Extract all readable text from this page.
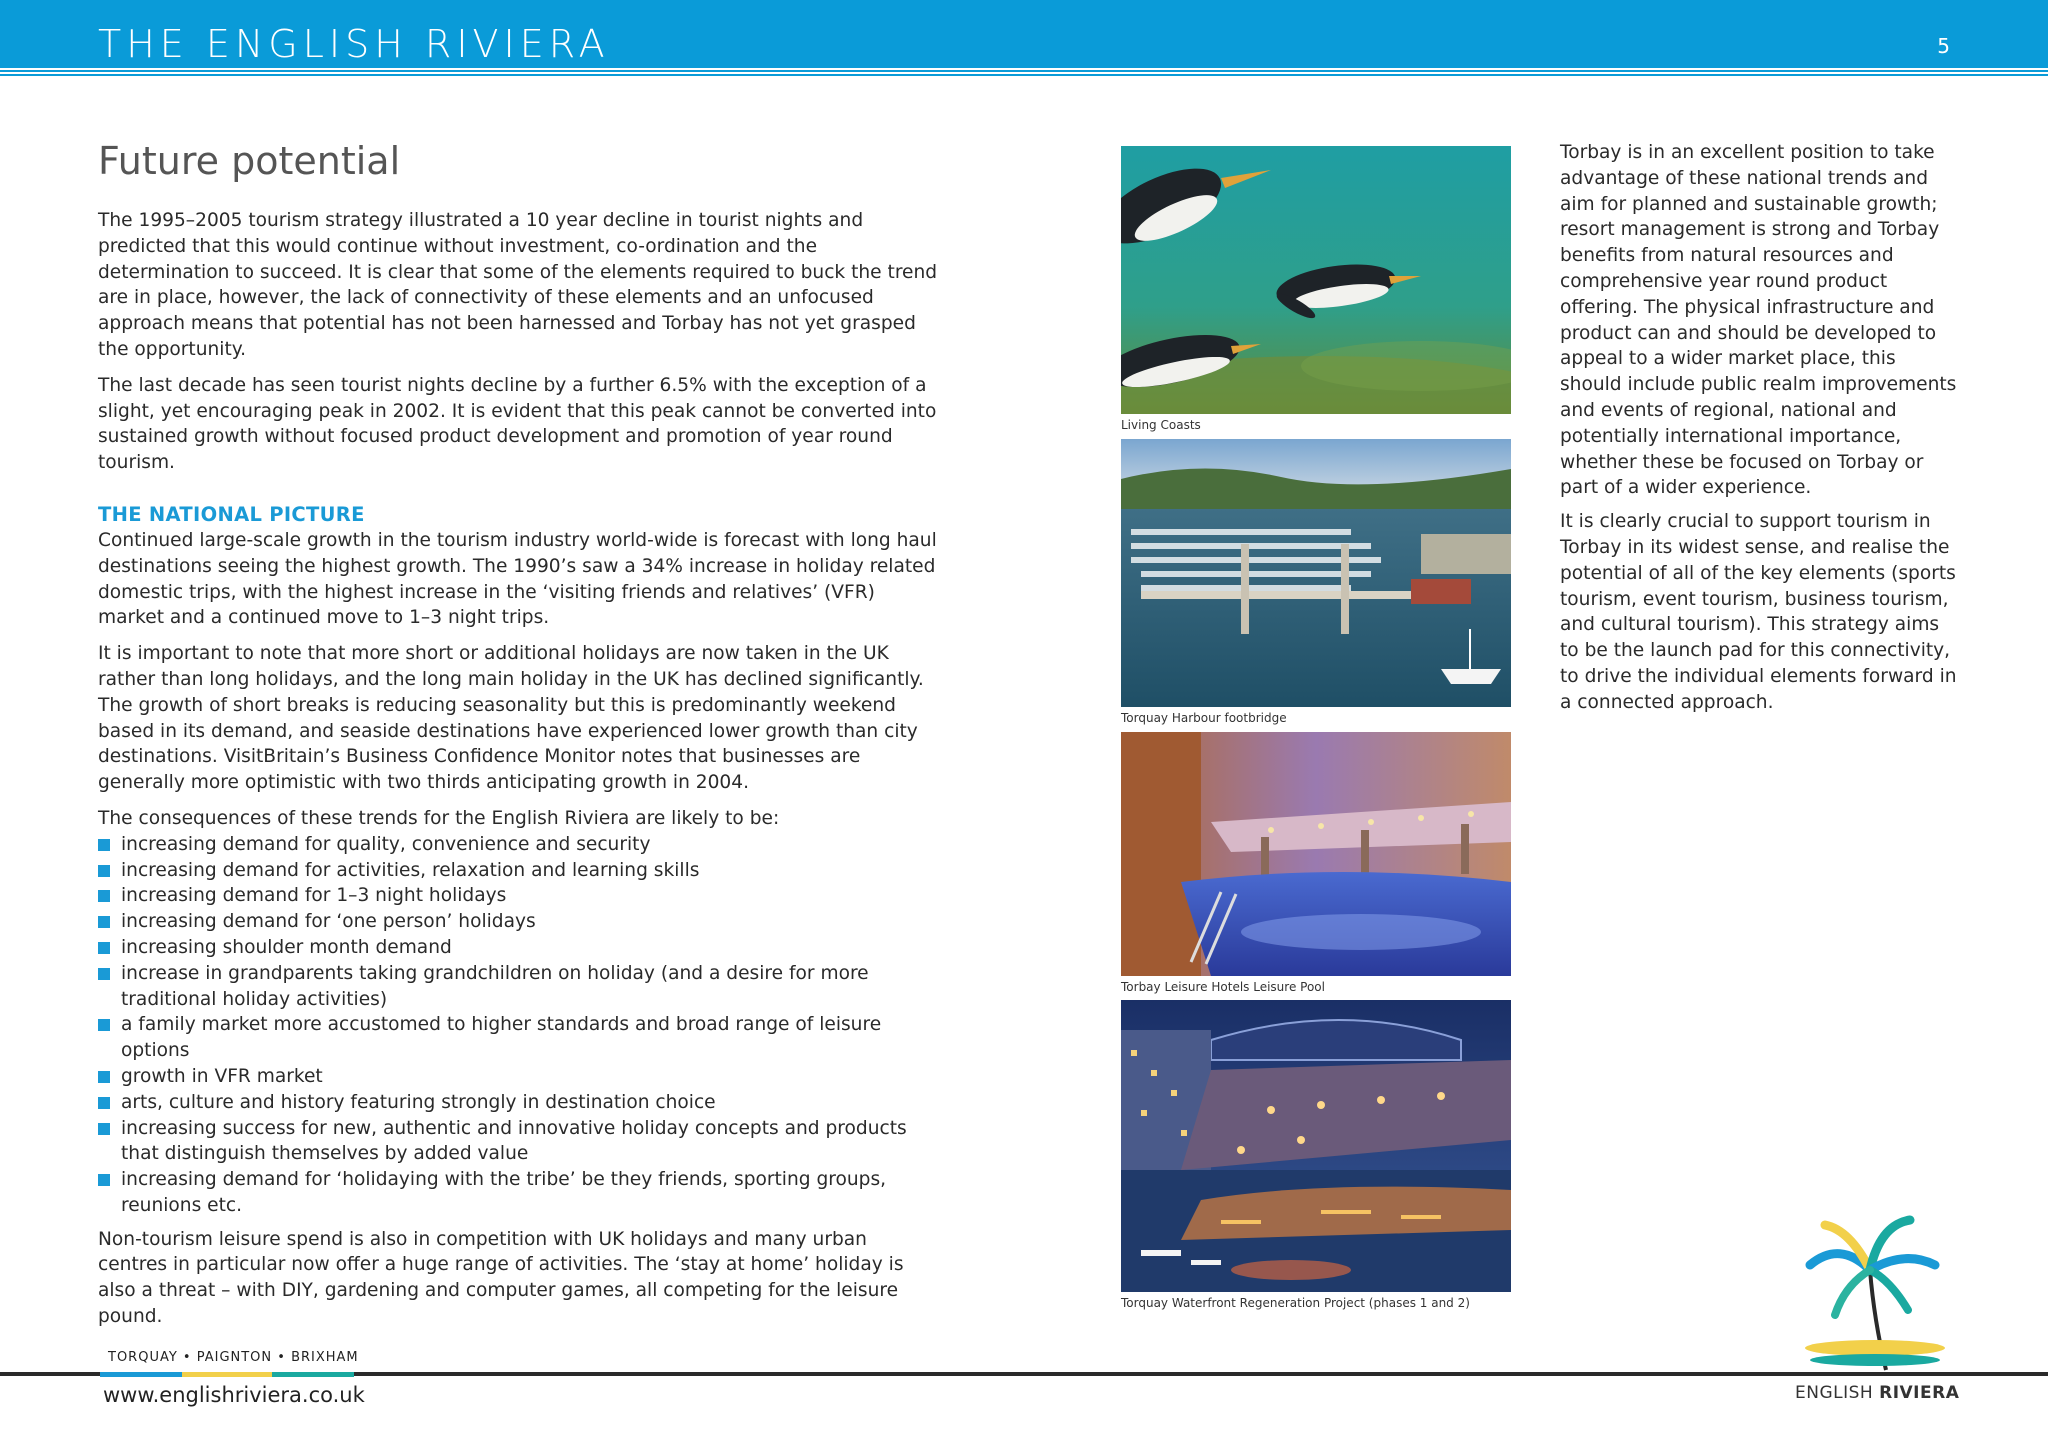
THE ENGLISH RIVIERA	5
Future potential

The 1995–2005 tourism strategy illustrated a 10 year decline in tourist nights and predicted that this would continue without investment, co-ordination and the determination to succeed. It is clear that some of the elements required to buck the trend are in place, however, the lack of connectivity of these elements and an unfocused approach means that potential has not been harnessed and Torbay has not yet grasped the opportunity.

The last decade has seen tourist nights decline by a further 6.5% with the exception of a slight, yet encouraging peak in 2002. It is evident that this peak cannot be converted into sustained growth without focused product development and promotion of year round tourism.

THE NATIONAL PICTURE

Continued large-scale growth in the tourism industry world-wide is forecast with long haul destinations seeing the highest growth. The 1990’s saw a 34% increase in holiday related domestic trips, with the highest increase in the ‘visiting friends and relatives’ (VFR) market and a continued move to 1–3 night trips.

It is important to note that more short or additional holidays are now taken in the UK rather than long holidays, and the long main holiday in the UK has declined significantly. The growth of short breaks is reducing seasonality but this is predominantly weekend based in its demand, and seaside destinations have experienced lower growth than city destinations. VisitBritain’s Business Confidence Monitor notes that businesses are generally more optimistic with two thirds anticipating growth in 2004.

The consequences of these trends for the English Riviera are likely to be:

increasing demand for quality, convenience and security
increasing demand for activities, relaxation and learning skills
increasing demand for 1–3 night holidays
increasing demand for ‘one person’ holidays
increasing shoulder month demand
increase in grandparents taking grandchildren on holiday (and a desire for more traditional holiday activities)
a family market more accustomed to higher standards and broad range of leisure options
growth in VFR market
arts, culture and history featuring strongly in destination choice
increasing success for new, authentic and innovative holiday concepts and products that distinguish themselves by added value
increasing demand for ‘holidaying with the tribe’ be they friends, sporting groups, reunions etc.

Non-tourism leisure spend is also in competition with UK holidays and many urban centres in particular now offer a huge range of activities. The ‘stay at home’ holiday is also a threat – with DIY, gardening and computer games, all competing for the leisure pound.

Living Coasts
Torquay Harbour footbridge
Torbay Leisure Hotels Leisure Pool
Torquay Waterfront Regeneration Project (phases 1 and 2)

Torbay is in an excellent position to take advantage of these national trends and aim for planned and sustainable growth; resort management is strong and Torbay benefits from natural resources and comprehensive year round product offering. The physical infrastructure and product can and should be developed to appeal to a wider market place, this should include public realm improvements and events of regional, national and potentially international importance, whether these be focused on Torbay or part of a wider experience.

It is clearly crucial to support tourism in Torbay in its widest sense, and realise the potential of all of the key elements (sports tourism, event tourism, business tourism, and cultural tourism). This strategy aims to be the launch pad for this connectivity, to drive the individual elements forward in a connected approach.

TORQUAY • PAIGNTON • BRIXHAM
www.englishriviera.co.uk	ENGLISH RIVIERA
